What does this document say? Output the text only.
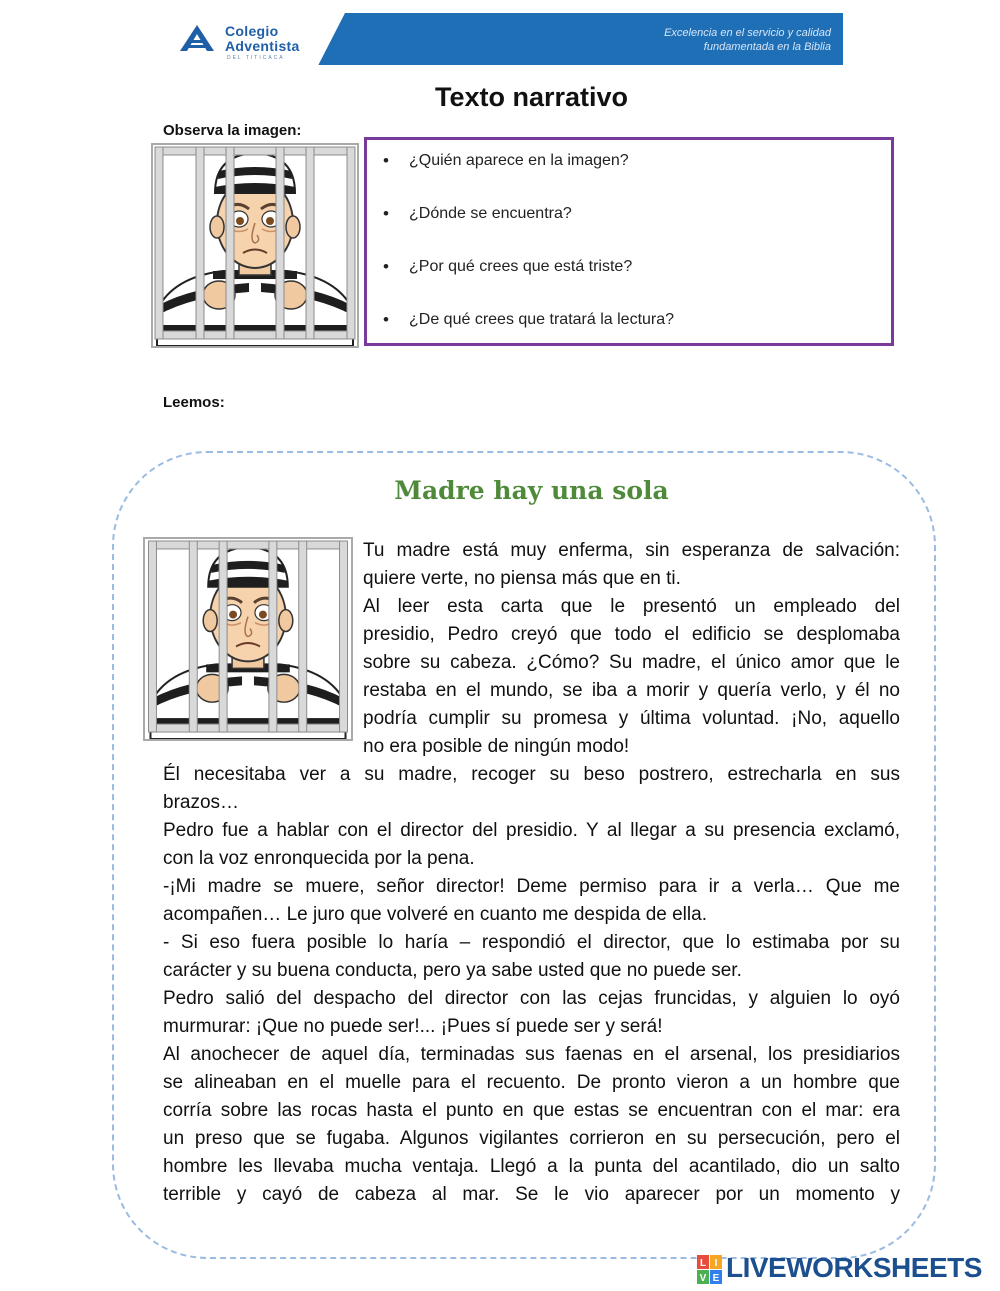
Colegio
Adventista
DEL TITICACA
Excelencia en el servicio y calidad
fundamentada en la Biblia
Texto narrativo
Observa la imagen:
• ¿Quién aparece en la imagen?
• ¿Dónde se encuentra?
• ¿Por qué crees que está triste?
• ¿De qué crees que tratará la lectura?
Leemos:
Madre hay una sola
Tu madre está muy enferma, sin esperanza de salvación:
quiere verte, no piensa más que en ti.
Al leer esta carta que le presentó un empleado del
presidio, Pedro creyó que todo el edificio se desplomaba
sobre su cabeza. ¿Cómo? Su madre, el único amor que le
restaba en el mundo, se iba a morir y quería verlo, y él no
podría cumplir su promesa y última voluntad. ¡No, aquello
no era posible de ningún modo!
Él necesitaba ver a su madre, recoger su beso postrero, estrecharla en sus
brazos…
Pedro fue a hablar con el director del presidio. Y al llegar a su presencia exclamó,
con la voz enronquecida por la pena.
-¡Mi madre se muere, señor director! Deme permiso para ir a verla… Que me
acompañen… Le juro que volveré en cuanto me despida de ella.
- Si eso fuera posible lo haría – respondió el director, que lo estimaba por su
carácter y su buena conducta, pero ya sabe usted que no puede ser.
Pedro salió del despacho del director con las cejas fruncidas, y alguien lo oyó
murmurar: ¡Que no puede ser!... ¡Pues sí puede ser y será!
Al anochecer de aquel día, terminadas sus faenas en el arsenal, los presidiarios
se alineaban en el muelle para el recuento. De pronto vieron a un hombre que
corría sobre las rocas hasta el punto en que estas se encuentran con el mar: era
un preso que se fugaba. Algunos vigilantes corrieron en su persecución, pero el
hombre les llevaba mucha ventaja. Llegó a la punta del acantilado, dio un salto
terrible y cayó de cabeza al mar. Se le vio aparecer por un momento y
L I
V E LIVEWORKSHEETS
